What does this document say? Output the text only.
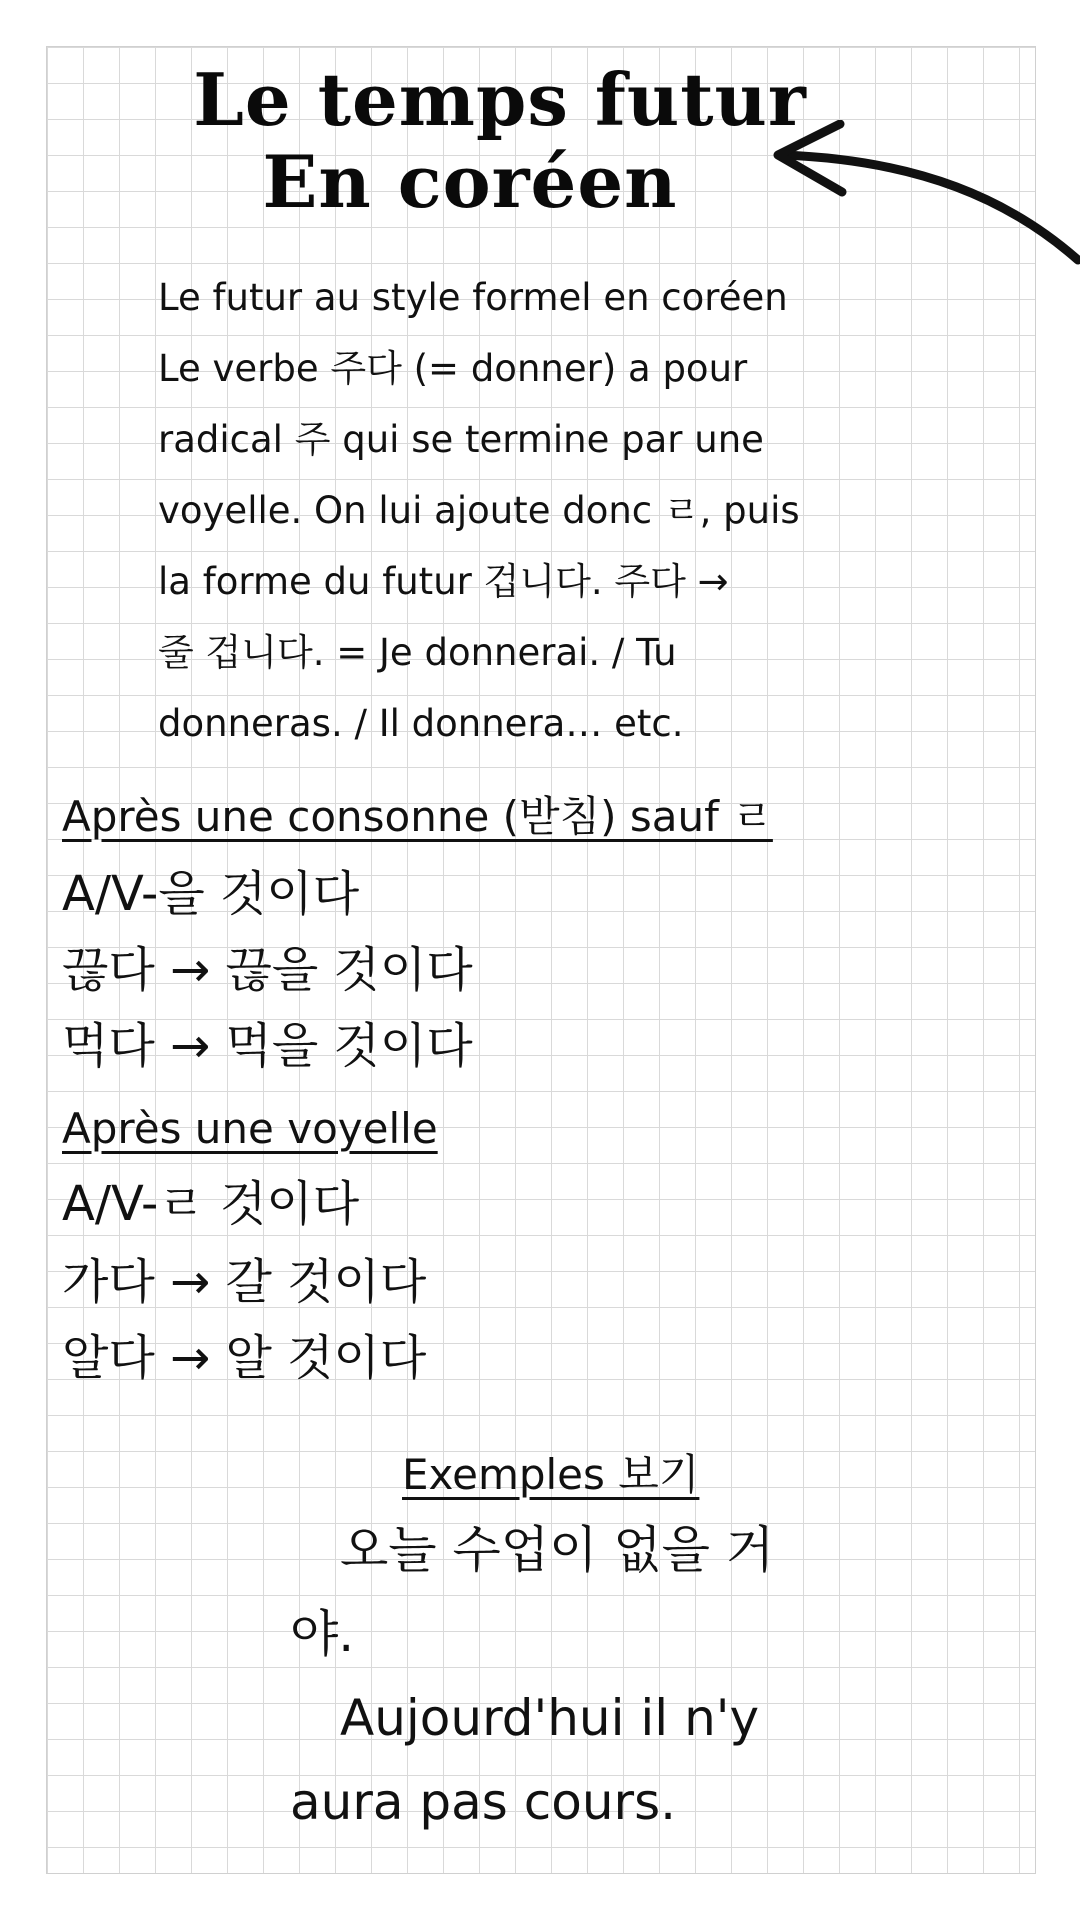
Le temps futur
En coréen
Le futur au style formel en coréen
Le verbe 주다 (= donner) a pour
radical 주 qui se termine par une
voyelle. On lui ajoute donc ㄹ, puis
la forme du futur 겁니다. 주다 →
줄 겁니다. = Je donnerai. / Tu
donneras. / Il donnera… etc.
Après une consonne (받침) sauf ㄹ
A/V-을 것이다
끊다 → 끊을 것이다
먹다 → 먹을 것이다
Après une voyelle
A/V-ㄹ 것이다
가다 → 갈 것이다
알다 → 알 것이다
Exemples 보기
오늘 수업이 없을 거야.
Aujourd'hui il n'y aura pas cours.
